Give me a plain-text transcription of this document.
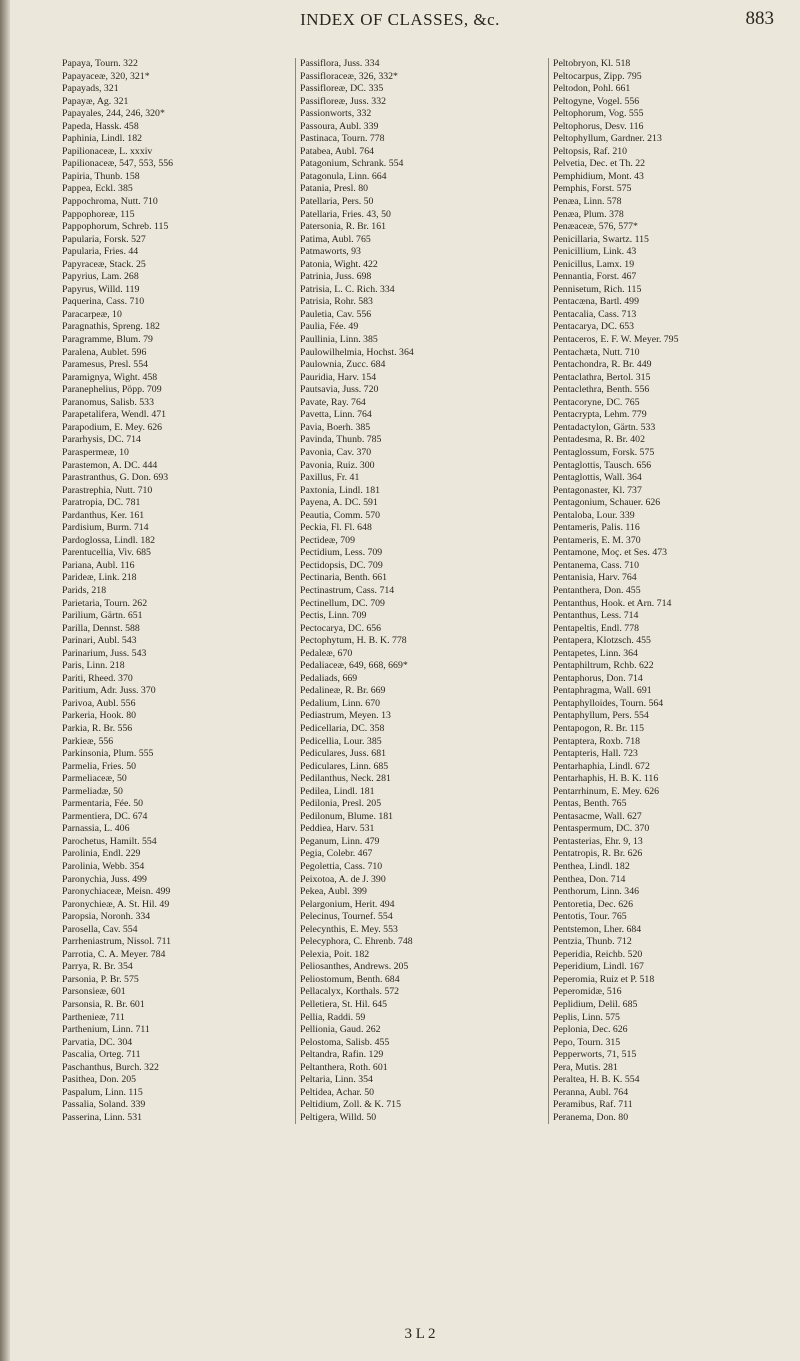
INDEX OF CLASSES, &c.	883
Papaya, Tourn. 322
Papayaceæ, 320, 321*
Papayads, 321
Papayæ, Ag. 321
Papayales, 244, 246, 320*
Papeda, Hassk. 458
Paphinia, Lindl. 182
Papilionaceæ, L. xxxiv
Papilionaceæ, 547, 553, 556
Papiria, Thunb. 158
Pappea, Eckl. 385
Pappochroma, Nutt. 710
Pappophoreæ, 115
Pappophorum, Schreb. 115
Papularia, Forsk. 527
Papularia, Fries. 44
Papyraceæ, Stack. 25
Papyrius, Lam. 268
Papyrus, Willd. 119
Paquerina, Cass. 710
Paracarpeæ, 10
Paragnathis, Spreng. 182
Paragramme, Blum. 79
Paralena, Aublet. 596
Paramesus, Presl. 554
Paramignya, Wight. 458
Paranephelius, Pöpp. 709
Paranomus, Salisb. 533
Parapetalifera, Wendl. 471
Parapodium, E. Mey. 626
Pararhysis, DC. 714
Paraspermeæ, 10
Parastemon, A. DC. 444
Parastranthus, G. Don. 693
Parastrephia, Nutt. 710
Paratropia, DC. 781
Pardanthus, Ker. 161
Pardisium, Burm. 714
Pardoglossa, Lindl. 182
Parentucellia, Viv. 685
Pariana, Aubl. 116
Parideæ, Link. 218
Parids, 218
Parietaria, Tourn. 262
Parilium, Gärtn. 651
Parilla, Dennst. 588
Parinari, Aubl. 543
Parinarium, Juss. 543
Paris, Linn. 218
Pariti, Rheed. 370
Paritium, Adr. Juss. 370
Parivoa, Aubl. 556
Parkeria, Hook. 80
Parkia, R. Br. 556
Parkieæ, 556
Parkinsonia, Plum. 555
Parmelia, Fries. 50
Parmeliaceæ, 50
Parmeliadæ, 50
Parmentaria, Fée. 50
Parmentiera, DC. 674
Parnassia, L. 406
Parochetus, Hamilt. 554
Parolinia, Endl. 229
Parolinia, Webb. 354
Paronychia, Juss. 499
Paronychiaceæ, Meisn. 499
Paronychieæ, A. St. Hil. 49
Paropsia, Noronh. 334
Parosella, Cav. 554
Parrheniastrum, Nissol. 711
Parrotia, C. A. Meyer. 784
Parrya, R. Br. 354
Parsonia, P. Br. 575
Parsonsieæ, 601
Parsonsia, R. Br. 601
Parthenieæ, 711
Parthenium, Linn. 711
Parvatia, DC. 304
Pascalia, Orteg. 711
Paschanthus, Burch. 322
Pasithea, Don. 205
Paspalum, Linn. 115
Passalia, Soland. 339
Passerina, Linn. 531
Passiflora, Juss. 334
Passifloraceæ, 326, 332*
Passifloreæ, DC. 335
Passifloreæ, Juss. 332
Passionworts, 332
Passoura, Aubl. 339
Pastinaca, Tourn. 778
Patabea, Aubl. 764
Patagonium, Schrank. 554
Patagonula, Linn. 664
Patania, Presl. 80
Patellaria, Pers. 50
Patellaria, Fries. 43, 50
Patersonia, R. Br. 161
Patima, Aubl. 765
Patmaworts, 93
Patonia, Wight. 422
Patrinia, Juss. 698
Patrisia, L. C. Rich. 334
Patrisia, Rohr. 583
Pauletia, Cav. 556
Paulia, Fée. 49
Paullinia, Linn. 385
Paulowilhelmia, Hochst. 364
Paulownia, Zucc. 684
Pauridia, Harv. 154
Pautsavia, Juss. 720
Pavate, Ray. 764
Pavetta, Linn. 764
Pavia, Boerh. 385
Pavinda, Thunb. 785
Pavonia, Cav. 370
Pavonia, Ruiz. 300
Paxillus, Fr. 41
Paxtonia, Lindl. 181
Payena, A. DC. 591
Peautia, Comm. 570
Peckia, Fl. Fl. 648
Pectideæ, 709
Pectidium, Less. 709
Pectidopsis, DC. 709
Pectinaria, Benth. 661
Pectinastrum, Cass. 714
Pectinellum, DC. 709
Pectis, Linn. 709
Pectocarya, DC. 656
Pectophytum, H. B. K. 778
Pedaleæ, 670
Pedaliaceæ, 649, 668, 669*
Pedaliads, 669
Pedalineæ, R. Br. 669
Pedalium, Linn. 670
Pediastrum, Meyen. 13
Pedicellaria, DC. 358
Pedicellia, Lour. 385
Pediculares, Juss. 681
Pediculares, Linn. 685
Pedilanthus, Neck. 281
Pedilea, Lindl. 181
Pedilonia, Presl. 205
Pedilonum, Blume. 181
Peddiea, Harv. 531
Peganum, Linn. 479
Pegia, Colebr. 467
Pegolettia, Cass. 710
Peixotoa, A. de J. 390
Pekea, Aubl. 399
Pelargonium, Herit. 494
Pelecinus, Tournef. 554
Pelecynthis, E. Mey. 553
Pelecyphora, C. Ehrenb. 748
Pelexia, Poit. 182
Peliosanthes, Andrews. 205
Peliostomum, Benth. 684
Pellacalyx, Korthals. 572
Pelletiera, St. Hil. 645
Pellia, Raddi. 59
Pellionia, Gaud. 262
Pelostoma, Salisb. 455
Peltandra, Rafin. 129
Peltanthera, Roth. 601
Peltaria, Linn. 354
Peltidea, Achar. 50
Peltidium, Zoll. & K. 715
Peltigera, Willd. 50
Peltobryon, Kl. 518
Peltocarpus, Zipp. 795
Peltodon, Pohl. 661
Peltogyne, Vogel. 556
Peltophorum, Vog. 555
Peltophorus, Desv. 116
Peltophyllum, Gardner. 213
Peltopsis, Raf. 210
Pelvetia, Dec. et Th. 22
Pemphidium, Mont. 43
Pemphis, Forst. 575
Penæa, Linn. 578
Penæa, Plum. 378
Penæaceæ, 576, 577*
Penicillaria, Swartz. 115
Penicillium, Link. 43
Penicillus, Lamx. 19
Pennantia, Forst. 467
Pennisetum, Rich. 115
Pentacæna, Bartl. 499
Pentacalia, Cass. 713
Pentacarya, DC. 653
Pentaceros, E. F. W. Meyer. 795
Pentachæta, Nutt. 710
Pentachondra, R. Br. 449
Pentaclathra, Bertol. 315
Pentaclethra, Benth. 556
Pentacoryne, DC. 765
Pentacrypta, Lehm. 779
Pentadactylon, Gärtn. 533
Pentadesma, R. Br. 402
Pentaglossum, Forsk. 575
Pentaglottis, Tausch. 656
Pentaglottis, Wall. 364
Pentagonaster, Kl. 737
Pentagonium, Schauer. 626
Pentaloba, Lour. 339
Pentameris, Palis. 116
Pentameris, E. M. 370
Pentamone, Moç. et Ses. 473
Pentanema, Cass. 710
Pentanisia, Harv. 764
Pentanthera, Don. 455
Pentanthus, Hook. et Arn. 714
Pentanthus, Less. 714
Pentapeltis, Endl. 778
Pentapera, Klotzsch. 455
Pentapetes, Linn. 364
Pentaphiltrum, Rchb. 622
Pentaphorus, Don. 714
Pentaphragma, Wall. 691
Pentaphylloides, Tourn. 564
Pentaphyllum, Pers. 554
Pentapogon, R. Br. 115
Pentaptera, Roxb. 718
Pentapteris, Hall. 723
Pentarhaphia, Lindl. 672
Pentarhaphis, H. B. K. 116
Pentarrhinum, E. Mey. 626
Pentas, Benth. 765
Pentasacme, Wall. 627
Pentaspermum, DC. 370
Pentasterias, Ehr. 9, 13
Pentatropis, R. Br. 626
Penthea, Lindl. 182
Penthea, Don. 714
Penthorum, Linn. 346
Pentoretia, Dec. 626
Pentotis, Tour. 765
Pentstemon, Lher. 684
Pentzia, Thunb. 712
Peperidia, Reichb. 520
Peperidium, Lindl. 167
Peperomia, Ruiz et P. 518
Peperomidæ, 516
Peplidium, Delil. 685
Peplis, Linn. 575
Peplonia, Dec. 626
Pepo, Tourn. 315
Pepperworts, 71, 515
Pera, Mutis. 281
Peraltea, H. B. K. 554
Peranna, Aubl. 764
Peramibus, Raf. 711
Peranema, Don. 80
3 L 2
